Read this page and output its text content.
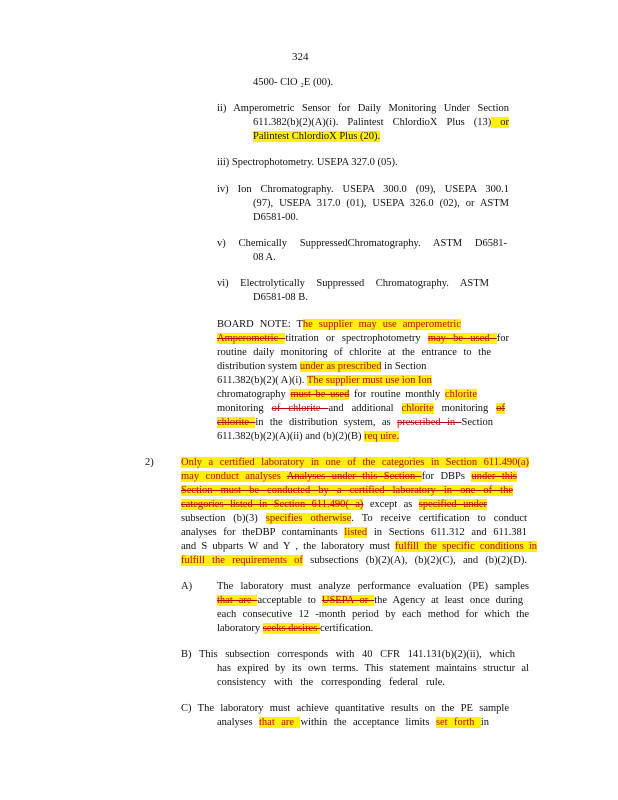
324
4500- ClO ₂E (00).
ii) Amperometric Sensor for Daily Monitoring Under Section
611.382(b)(2)(A)(i). Palintest ChlordioX Plus (13) or
Palintest ChlordioX Plus (20).
iii) Spectrophotometry. USEPA 327.0 (05).
iv) Ion Chromatography. USEPA 300.0 (09), USEPA 300.1
(97), USEPA 317.0 (01), USEPA 326.0 (02), or ASTM
D6581-00.
v) Chemically SuppressedChromatography. ASTM D6581-
08 A.
vi) Electrolytically Suppressed Chromatography. ASTM
D6581-08 B.
BOARD NOTE: The supplier may use amperometric
Amperometric titration or spectrophotometry may be used for
routine daily monitoring of chlorite at the entrance to the
distribution system under as prescribed in Section
611.382(b)(2)( A)(i). The supplier must use ion Ion
chromatography must be used for routine monthly chlorite
monitoring of chlorite and additional chlorite monitoring of
chlorite in the distribution system, as prescribed in Section
611.382(b)(2)(A)(ii) and (b)(2)(B) req uire.
2)	Only a certified laboratory in one of the categories in Section 611.490(a)
may conduct analyses Analyses under this Section for DBPs under this
Section must be conducted by a certified laboratory in one of the
categories listed in Section 611.490( a) except as specified under
subsection (b)(3) specifies otherwise. To receive certification to conduct
analyses for theDBP contaminants listed in Sections 611.312 and 611.381
and S ubparts W and Y , the laboratory must fulfill the specific conditions in
fulfill the requirements of subsections (b)(2)(A), (b)(2)(C), and (b)(2)(D).
A) The laboratory must analyze performance evaluation (PE) samples
that are acceptable to USEPA or the Agency at least once during
each consecutive 12 -month period by each method for which the
laboratory seeks desires certification.
B) This subsection corresponds with 40 CFR 141.131(b)(2)(ii), which
has expired by its own terms. This statement maintains structur al
consistency with the corresponding federal rule.
C) The laboratory must achieve quantitative results on the PE sample
analyses that are within the acceptance limits set forth in
